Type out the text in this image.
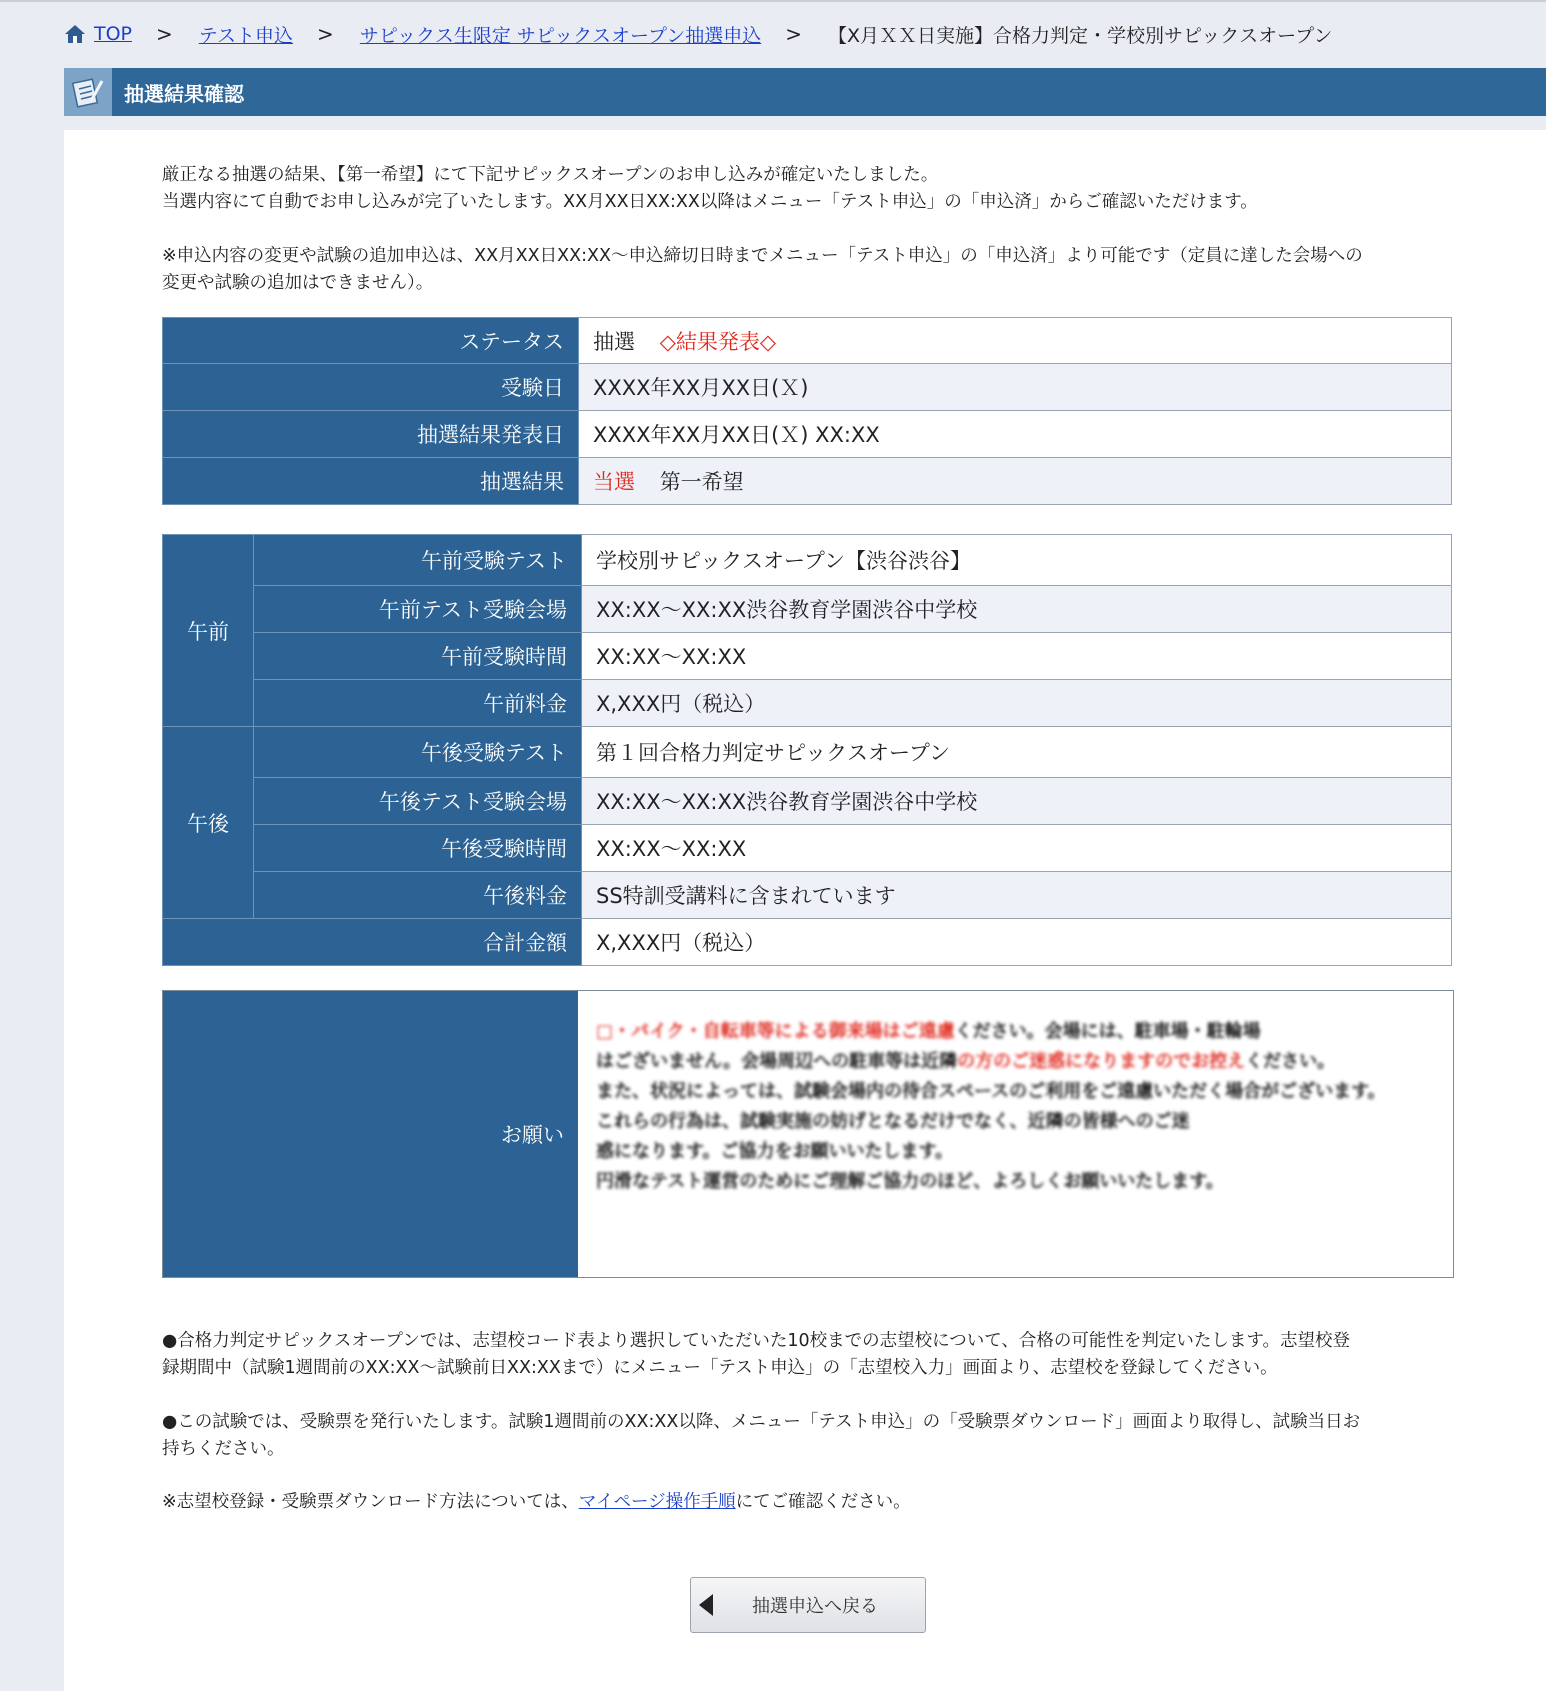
TOP > テスト申込 > サピックス生限定 サピックスオープン抽選申込 > 【X月ＸＸ日実施】合格力判定・学校別サピックスオープン
抽選結果確認
厳正なる抽選の結果、【第一希望】にて下記サピックスオープンのお申し込みが確定いたしました。
当選内容にて自動でお申し込みが完了いたします。XX月XX日XX:XX以降はメニュー「テスト申込」の「申込済」からご確認いただけます。
※申込内容の変更や試験の追加申込は、XX月XX日XX:XX～申込締切日時までメニュー「テスト申込」の「申込済」より可能です（定員に達した会場への
変更や試験の追加はできません）。
ステータス	抽選 ◇結果発表◇
受験日	XXXX年XX月XX日(Ｘ)
抽選結果発表日	XXXX年XX月XX日(Ｘ) XX:XX
抽選結果	当選 第一希望
午前	午前受験テスト	学校別サピックスオープン【渋谷渋谷】
	午前テスト受験会場	XX:XX～XX:XX渋谷教育学園渋谷中学校
	午前受験時間	XX:XX～XX:XX
	午前料金	X,XXX円（税込）
午後	午後受験テスト	第１回合格力判定サピックスオープン
	午後テスト受験会場	XX:XX～XX:XX渋谷教育学園渋谷中学校
	午後受験時間	XX:XX～XX:XX
	午後料金	SS特訓受講料に含まれています
合計金額		X,XXX円（税込）
お願い
□・バイク・自転車等による御来場はご遠慮ください。会場には、駐車場・駐輪場
はございません。会場周辺への駐車等は近隣の方のご迷惑になりますのでお控えください。
また、状況によっては、試験会場内の待合スペースのご利用をご遠慮いただく場合がございます。
これらの行為は、試験実施の妨げとなるだけでなく、近隣の皆様へのご迷
惑になります。ご協力をお願いいたします。
円滑なテスト運営のためにご理解ご協力のほど、よろしくお願いいたします。
●合格力判定サピックスオープンでは、志望校コード表より選択していただいた10校までの志望校について、合格の可能性を判定いたします。志望校登
録期間中（試験1週間前のXX:XX～試験前日XX:XXまで）にメニュー「テスト申込」の「志望校入力」画面より、志望校を登録してください。
●この試験では、受験票を発行いたします。試験1週間前のXX:XX以降、メニュー「テスト申込」の「受験票ダウンロード」画面より取得し、試験当日お
持ちください。
※志望校登録・受験票ダウンロード方法については、マイページ操作手順にてご確認ください。
抽選申込へ戻る
